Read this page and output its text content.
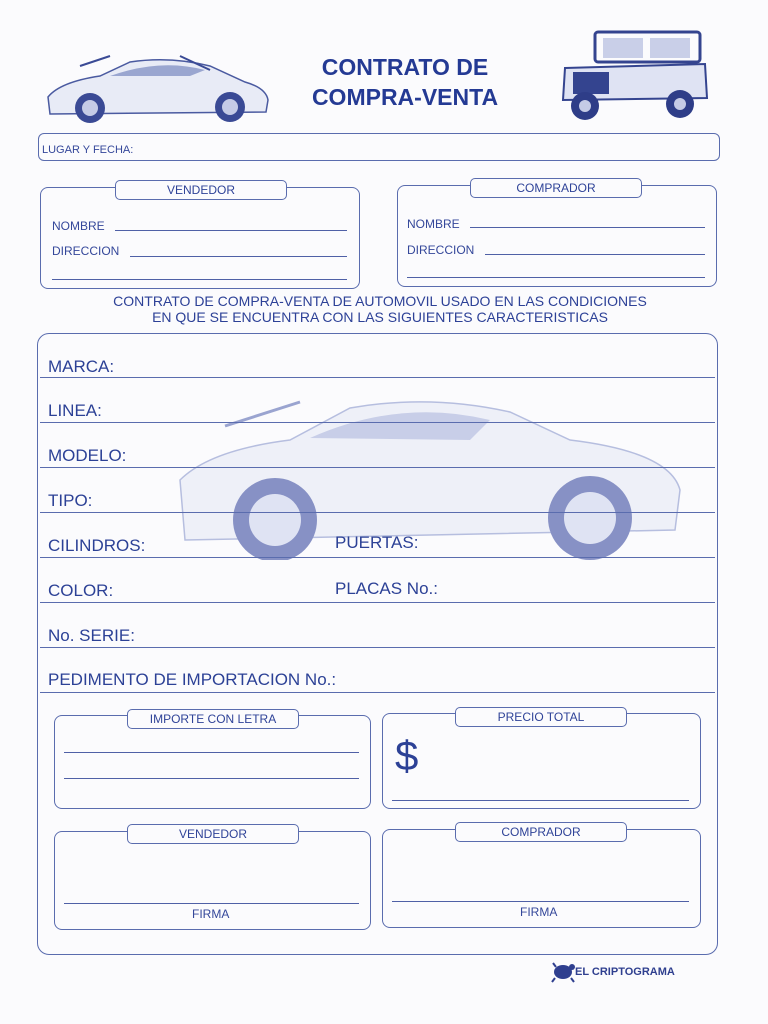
CONTRATO DE
COMPRA-VENTA
LUGAR Y FECHA:
VENDEDOR
NOMBRE
DIRECCION
COMPRADOR
NOMBRE
DIRECCION
CONTRATO DE COMPRA-VENTA DE AUTOMOVIL USADO EN LAS CONDICIONES
EN QUE SE ENCUENTRA CON LAS SIGUIENTES CARACTERISTICAS
MARCA:
LINEA:
MODELO:
TIPO:
CILINDROS:	PUERTAS:
COLOR:	PLACAS No.:
No. SERIE:
PEDIMENTO DE IMPORTACION No.:
IMPORTE CON LETRA	PRECIO TOTAL
$
VENDEDOR
FIRMA
COMPRADOR
FIRMA
EL CRIPTOGRAMA
